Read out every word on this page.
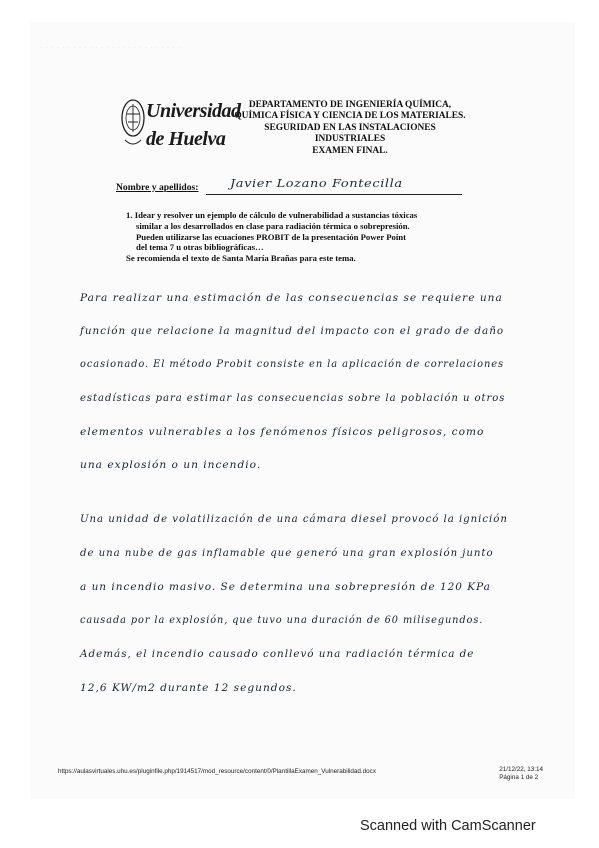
· · · · · · · · · · · · · · · · · · · · · · · · · ·
Universidad
de Huelva
DEPARTAMENTO DE INGENIERÍA QUÍMICA,
QUÍMICA FÍSICA Y CIENCIA DE LOS MATERIALES.
SEGURIDAD EN LAS INSTALACIONES
INDUSTRIALES
EXAMEN FINAL.
Nombre y apellidos:	Javier Lozano Fontecilla
1. Idear y resolver un ejemplo de cálculo de vulnerabilidad a sustancias tóxicas
similar a los desarrollados en clase para radiación térmica o sobrepresión.
Pueden utilizarse las ecuaciones PROBIT de la presentación Power Point
del tema 7 u otras bibliográficas…
Se recomienda el texto de Santa María Brañas para este tema.
Para realizar una estimación de las consecuencias se requiere una
función que relacione la magnitud del impacto con el grado de daño
ocasionado. El método Probit consiste en la aplicación de correlaciones
estadísticas para estimar las consecuencias sobre la población u otros
elementos vulnerables a los fenómenos físicos peligrosos, como
una explosión o un incendio.
Una unidad de volatilización de una cámara diesel provocó la ignición
de una nube de gas inflamable que generó una gran explosión junto
a un incendio masivo. Se determina una sobrepresión de 120 KPa
causada por la explosión, que tuvo una duración de 60 milisegundos.
Además, el incendio causado conllevó una radiación térmica de
12,6 KW/m2 durante 12 segundos.
https://aulasvirtuales.uhu.es/pluginfile.php/1914517/mod_resource/content/0/PlantillaExamen_Vulnerabilidad.docx	21/12/22, 13:14
Página 1 de 2
Scanned with CamScanner
